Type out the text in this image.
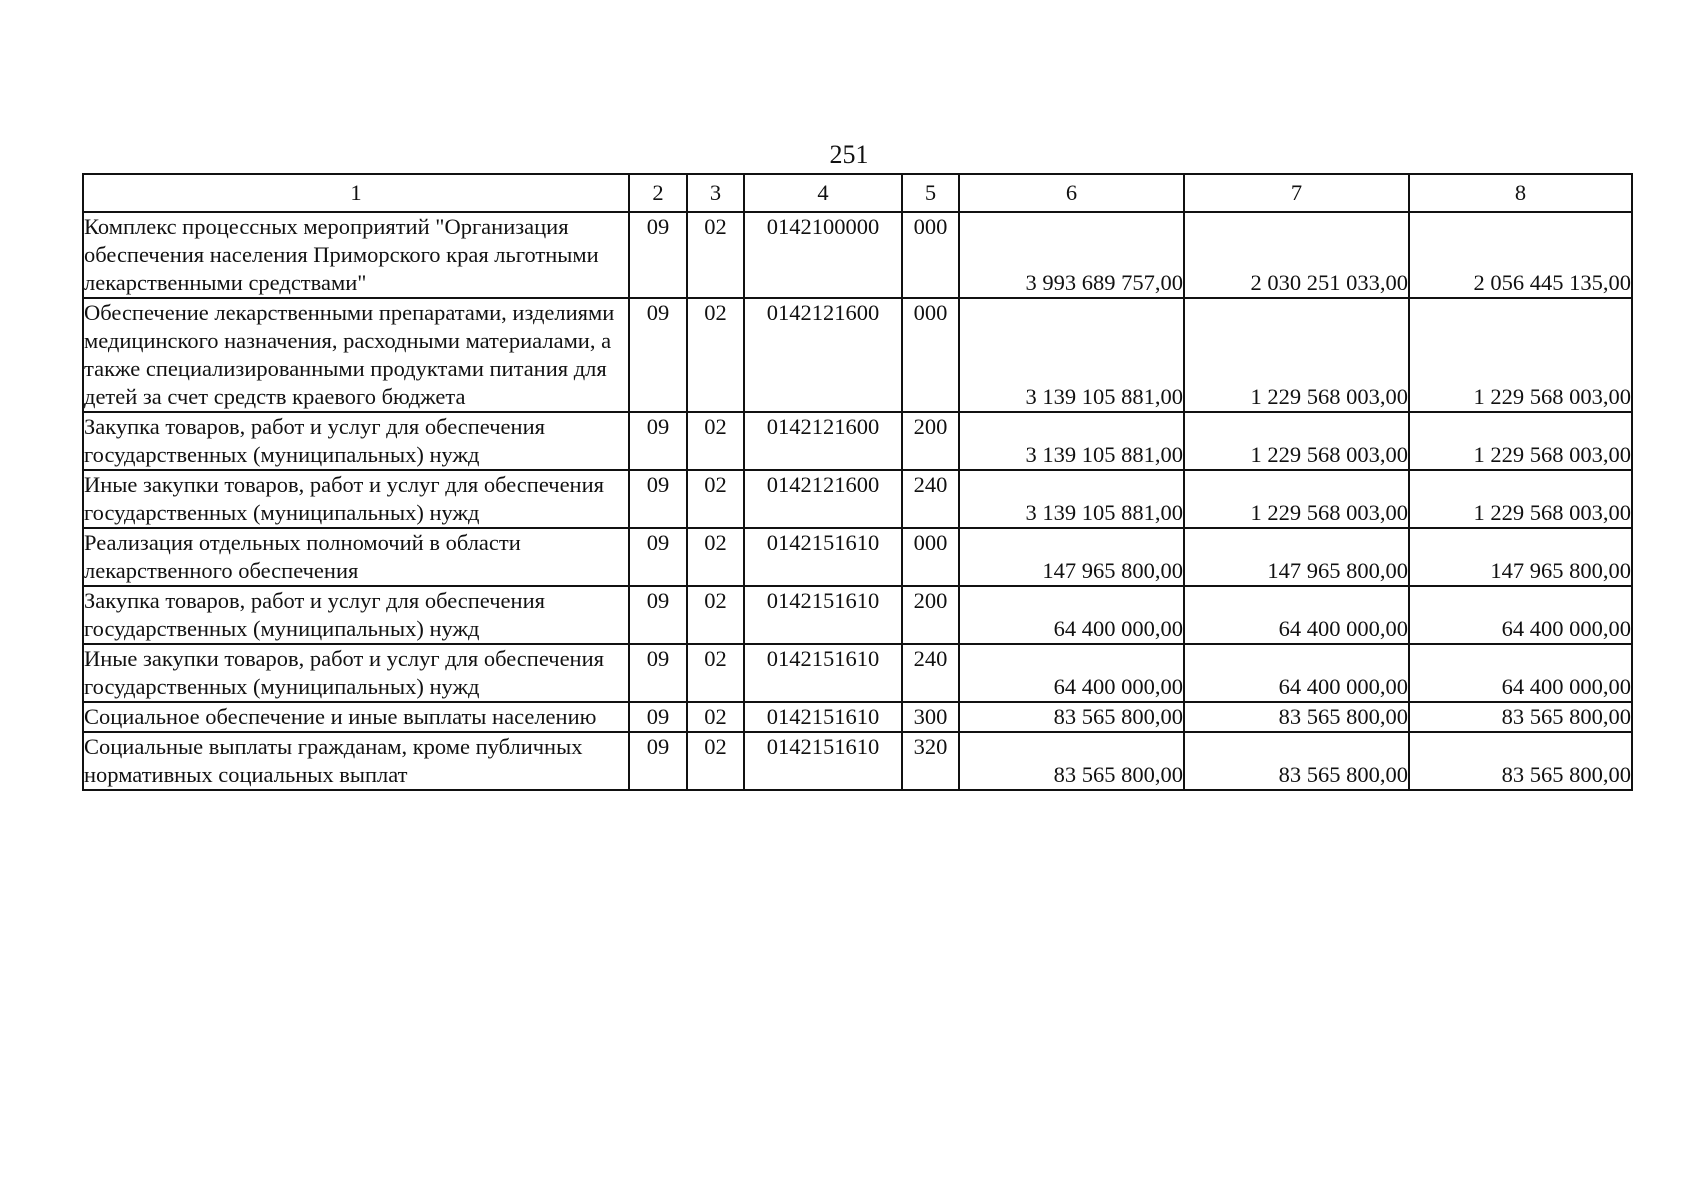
251
1	2	3	4	5	6	7	8
Комплекс процессных мероприятий "Организация обеспечения населения Приморского края льготными лекарственными средствами"	09	02	0142100000	000	3 993 689 757,00	2 030 251 033,00	2 056 445 135,00
Обеспечение лекарственными препаратами, изделиями медицинского назначения, расходными материалами, а также специализированными продуктами питания для детей за счет средств краевого бюджета	09	02	0142121600	000	3 139 105 881,00	1 229 568 003,00	1 229 568 003,00
Закупка товаров, работ и услуг для обеспечения государственных (муниципальных) нужд	09	02	0142121600	200	3 139 105 881,00	1 229 568 003,00	1 229 568 003,00
Иные закупки товаров, работ и услуг для обеспечения государственных (муниципальных) нужд	09	02	0142121600	240	3 139 105 881,00	1 229 568 003,00	1 229 568 003,00
Реализация отдельных полномочий в области лекарственного обеспечения	09	02	0142151610	000	147 965 800,00	147 965 800,00	147 965 800,00
Закупка товаров, работ и услуг для обеспечения государственных (муниципальных) нужд	09	02	0142151610	200	64 400 000,00	64 400 000,00	64 400 000,00
Иные закупки товаров, работ и услуг для обеспечения государственных (муниципальных) нужд	09	02	0142151610	240	64 400 000,00	64 400 000,00	64 400 000,00
Социальное обеспечение и иные выплаты населению	09	02	0142151610	300	83 565 800,00	83 565 800,00	83 565 800,00
Социальные выплаты гражданам, кроме публичных нормативных социальных выплат	09	02	0142151610	320	83 565 800,00	83 565 800,00	83 565 800,00
